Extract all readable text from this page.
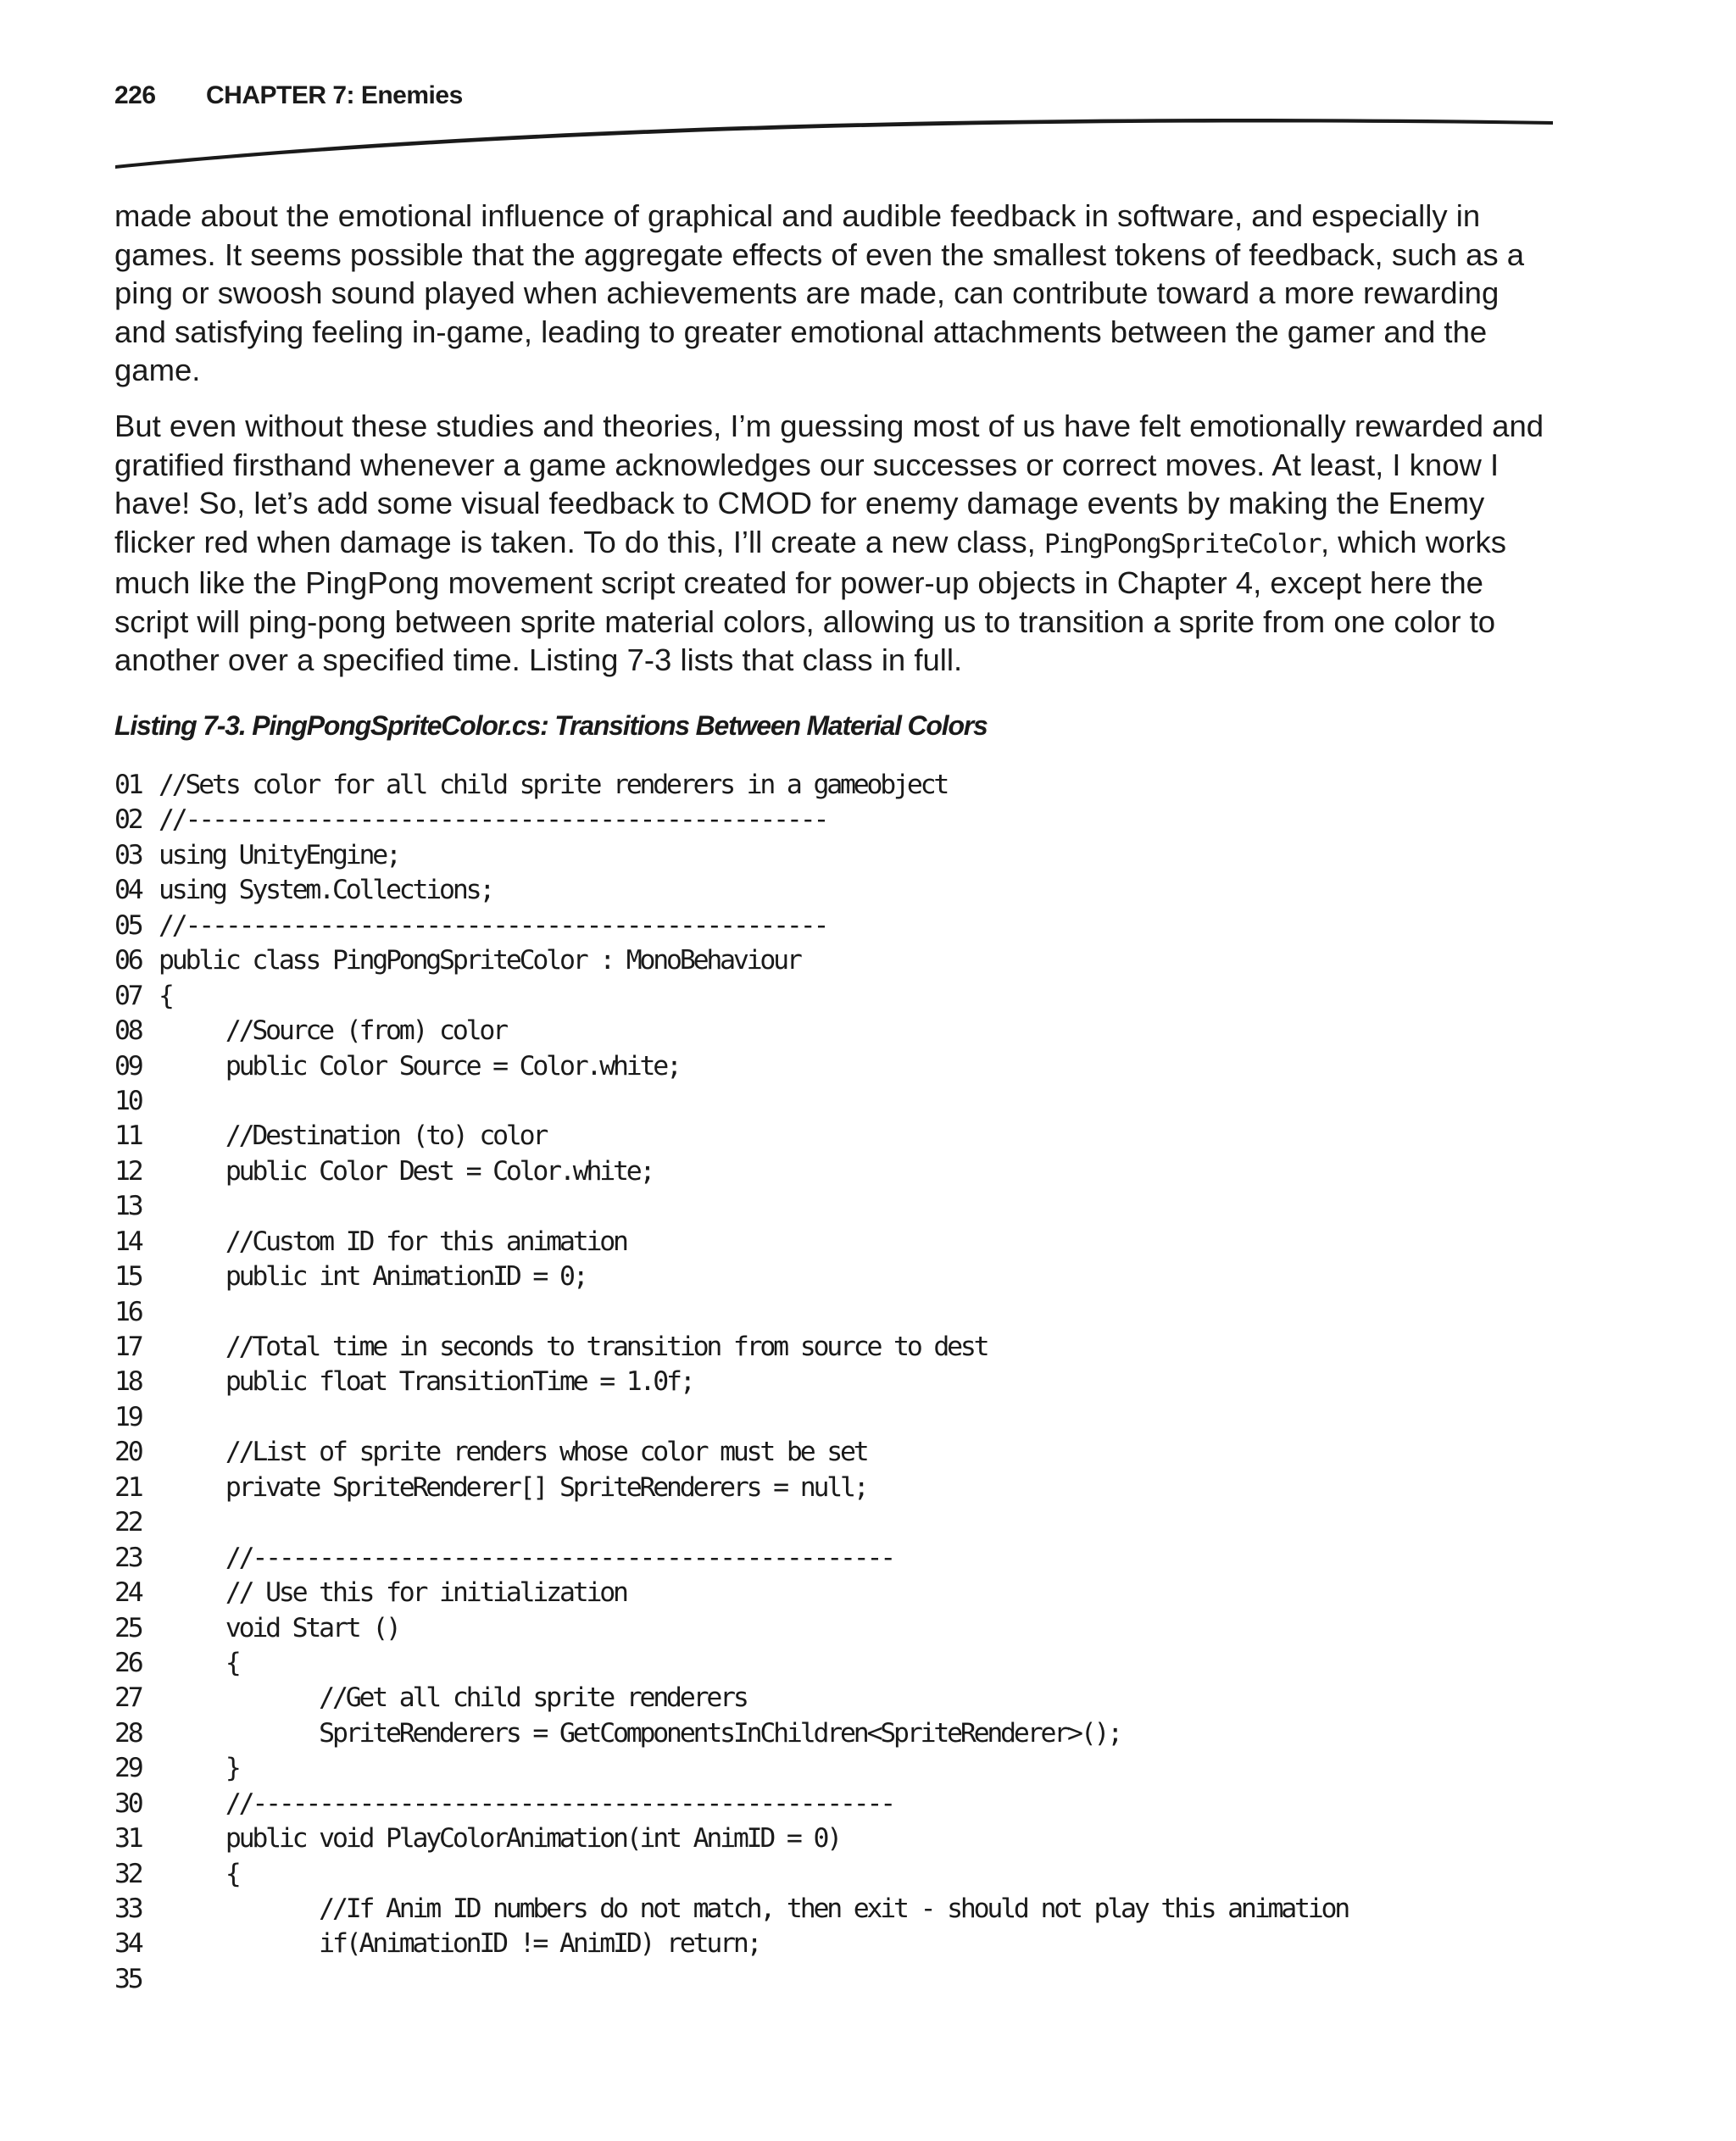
226 CHAPTER 7: Enemies

made about the emotional influence of graphical and audible feedback in software, and especially in games. It seems possible that the aggregate effects of even the smallest tokens of feedback, such as a ping or swoosh sound played when achievements are made, can contribute toward a more rewarding and satisfying feeling in-game, leading to greater emotional attachments between the gamer and the game.

But even without these studies and theories, I’m guessing most of us have felt emotionally rewarded and gratified firsthand whenever a game acknowledges our successes or correct moves. At least, I know I have! So, let’s add some visual feedback to CMOD for enemy damage events by making the Enemy flicker red when damage is taken. To do this, I’ll create a new class, PingPongSpriteColor, which works much like the PingPong movement script created for power-up objects in Chapter 4, except here the script will ping-pong between sprite material colors, allowing us to transition a sprite from one color to another over a specified time. Listing 7-3 lists that class in full.

Listing 7-3. PingPongSpriteColor.cs: Transitions Between Material Colors
01 //Sets color for all child sprite renderers in a gameobject
02 //------------------------------------------------
03 using UnityEngine;
04 using System.Collections;
05 //------------------------------------------------
06 public class PingPongSpriteColor : MonoBehaviour
07 {
08     //Source (from) color
09     public Color Source = Color.white;
10
11     //Destination (to) color
12     public Color Dest = Color.white;
13
14     //Custom ID for this animation
15     public int AnimationID = 0;
16
17     //Total time in seconds to transition from source to dest
18     public float TransitionTime = 1.0f;
19
20     //List of sprite renders whose color must be set
21     private SpriteRenderer[] SpriteRenderers = null;
22
23     //------------------------------------------------
24     // Use this for initialization
25     void Start ()
26     {
27            //Get all child sprite renderers
28            SpriteRenderers = GetComponentsInChildren<SpriteRenderer>();
29     }
30     //------------------------------------------------
31     public void PlayColorAnimation(int AnimID = 0)
32     {
33            //If Anim ID numbers do not match, then exit - should not play this animation
34            if(AnimationID != AnimID) return;
35
